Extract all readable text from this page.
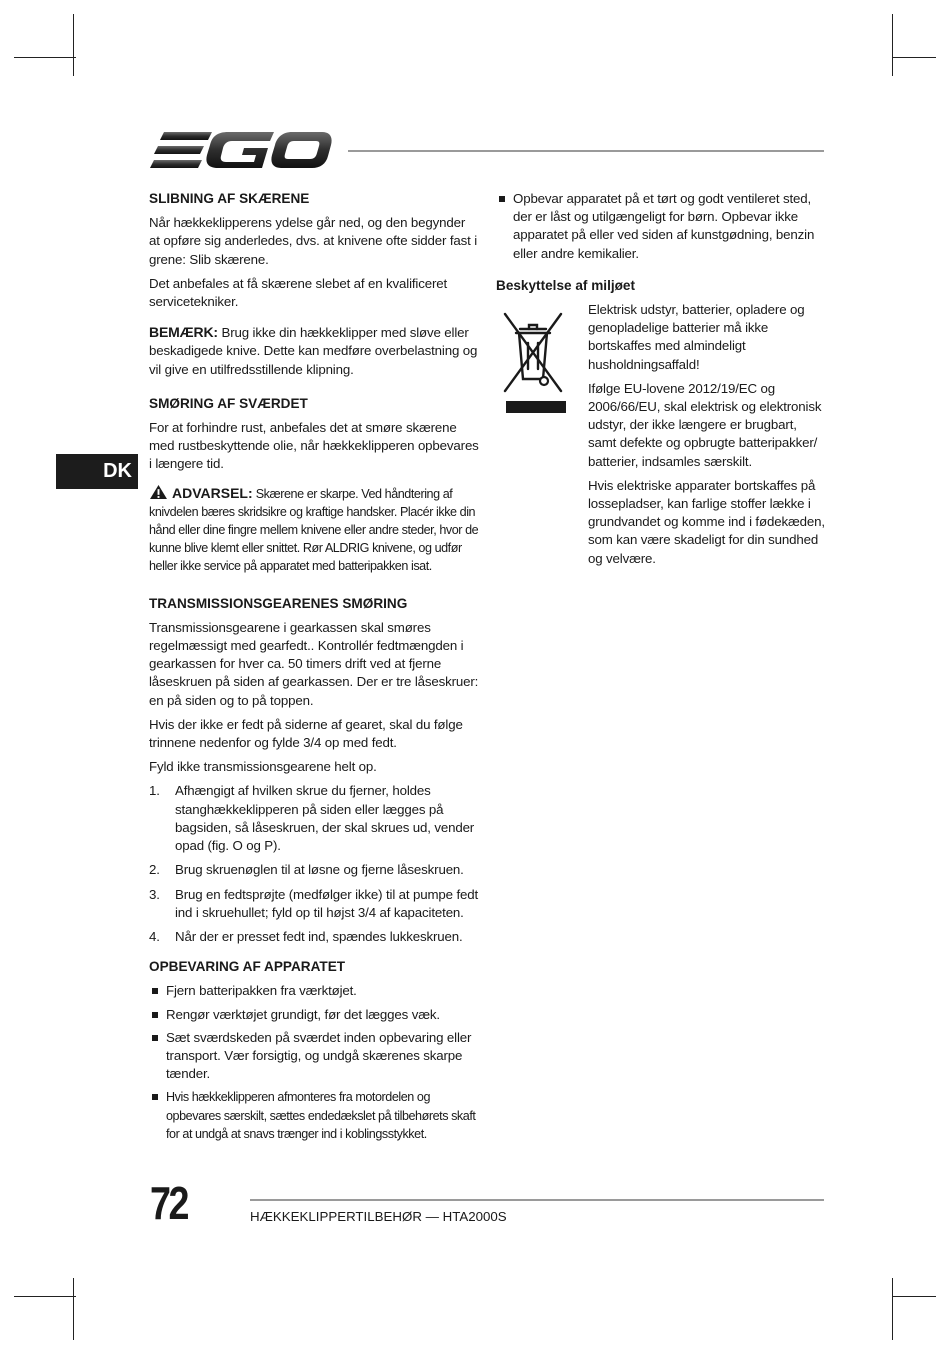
DK
SLIBNING AF SKÆRENE

Når hækkeklipperens ydelse går ned, og den begynder at opføre sig anderledes, dvs. at knivene ofte sidder fast i grene: Slib skærene.

Det anbefales at få skærene slebet af en kvalificeret servicetekniker.

BEMÆRK: Brug ikke din hækkeklipper med sløve eller beskadigede knive. Dette kan medføre overbelastning og vil give en utilfredsstillende klipning.

SMØRING AF SVÆRDET

For at forhindre rust, anbefales det at smøre skærene med rustbeskyttende olie, når hækkeklipperen opbevares i længere tid.

ADVARSEL: Skærene er skarpe. Ved håndtering af knivdelen bæres skridsikre og kraftige handsker. Placér ikke din hånd eller dine fingre mellem knivene eller andre steder, hvor de kunne blive klemt eller snittet. Rør ALDRIG knivene, og udfør heller ikke service på apparatet med batteripakken isat.

TRANSMISSIONSGEARENES SMØRING

Transmissionsgearene i gearkassen skal smøres regelmæssigt med gearfedt.. Kontrollér fedtmængden i gearkassen for hver ca. 50 timers drift ved at fjerne låseskruen på siden af gearkassen. Der er tre låseskruer: en på siden og to på toppen.

Hvis der ikke er fedt på siderne af gearet, skal du følge trinnene nedenfor og fylde 3/4 op med fedt.

Fyld ikke transmissionsgearene helt op.

1. Afhængigt af hvilken skrue du fjerner, holdes stanghækkeklipperen på siden eller lægges på bagsiden, så låseskruen, der skal skrues ud, vender opad (fig. O og P).
2. Brug skruenøglen til at løsne og fjerne låseskruen.
3. Brug en fedtsprøjte (medfølger ikke) til at pumpe fedt ind i skruehullet; fyld op til højst 3/4 af kapaciteten.
4. Når der er presset fedt ind, spændes lukkeskruen.
OPBEVARING AF APPARATET
Fjern batteripakken fra værktøjet.
Rengør værktøjet grundigt, før det lægges væk.
Sæt sværdskeden på sværdet inden opbevaring eller transport. Vær forsigtig, og undgå skærenes skarpe tænder.
Hvis hækkeklipperen afmonteres fra motordelen og opbevares særskilt, sættes endedækslet på tilbehørets skaft for at undgå at snavs trænger ind i koblingsstykket.
Opbevar apparatet på et tørt og godt ventileret sted, der er låst og utilgængeligt for børn. Opbevar ikke apparatet på eller ved siden af kunstgødning, benzin eller andre kemikalier.
Beskyttelse af miljøet

Elektrisk udstyr, batterier, opladere og genopladelige batterier må ikke bortskaffes med almindeligt husholdningsaffald!

Ifølge EU-lovene 2012/19/EC og 2006/66/EU, skal elektrisk og elektronisk udstyr, der ikke længere er brugbart, samt defekte og opbrugte batteripakker/ batterier, indsamles særskilt.

Hvis elektriske apparater bortskaffes på lossepladser, kan farlige stoffer lække i grundvandet og komme ind i fødekæden, som kan være skadeligt for din sundhed og velvære.

72	HÆKKEKLIPPERTILBEHØR — HTA2000S
